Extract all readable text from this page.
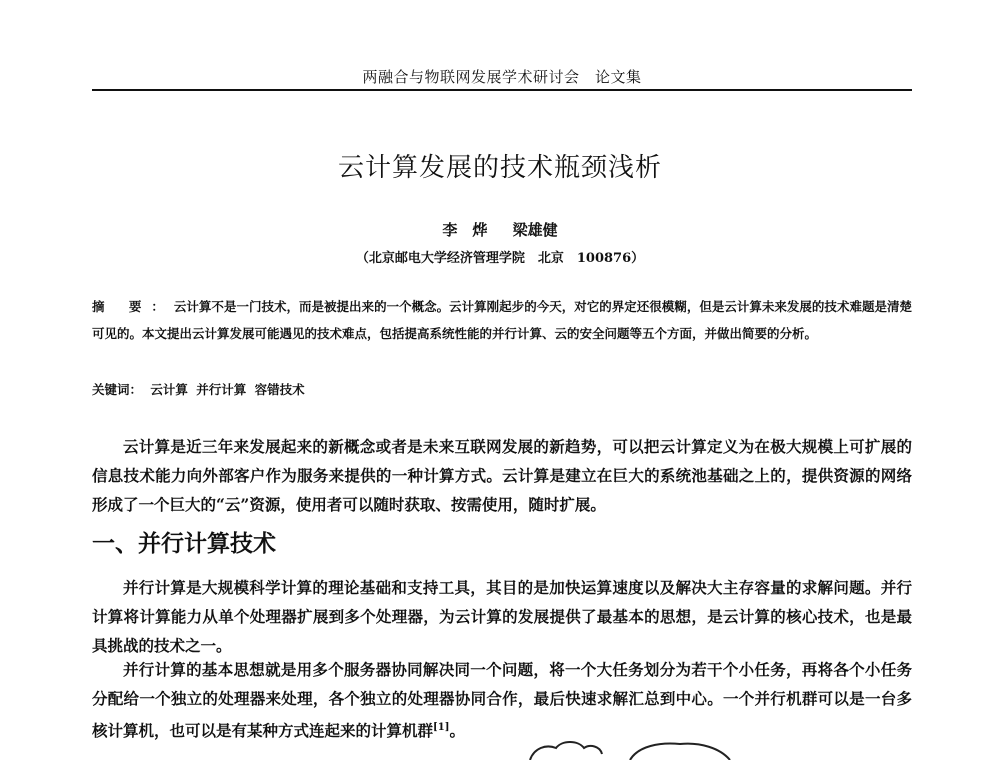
两融合与物联网发展学术研讨会　论文集
云计算发展的技术瓶颈浅析
李　烨 梁雄健
（北京邮电大学经济管理学院　北京　100876）
摘 要：云计算不是一门技术，而是被提出来的一个概念。云计算刚起步的今天，对它的界定还很模糊，但是云计算未来发展的技术难题是清楚可见的。本文提出云计算发展可能遇见的技术难点，包括提高系统性能的并行计算、云的安全问题等五个方面，并做出简要的分析。
关键词： 云计算 并行计算 容错技术
云计算是近三年来发展起来的新概念或者是未来互联网发展的新趋势，可以把云计算定义为在极大规模上可扩展的信息技术能力向外部客户作为服务来提供的一种计算方式。云计算是建立在巨大的系统池基础之上的，提供资源的网络形成了一个巨大的“云”资源，使用者可以随时获取、按需使用，随时扩展。
一、并行计算技术
并行计算是大规模科学计算的理论基础和支持工具，其目的是加快运算速度以及解决大主存容量的求解问题。并行计算将计算能力从单个处理器扩展到多个处理器，为云计算的发展提供了最基本的思想，是云计算的核心技术，也是最具挑战的技术之一。
并行计算的基本思想就是用多个服务器协同解决同一个问题，将一个大任务划分为若干个小任务，再将各个小任务分配给一个独立的处理器来处理，各个独立的处理器协同合作，最后快速求解汇总到中心。一个并行机群可以是一台多核计算机，也可以是有某种方式连起来的计算机群[1]。
